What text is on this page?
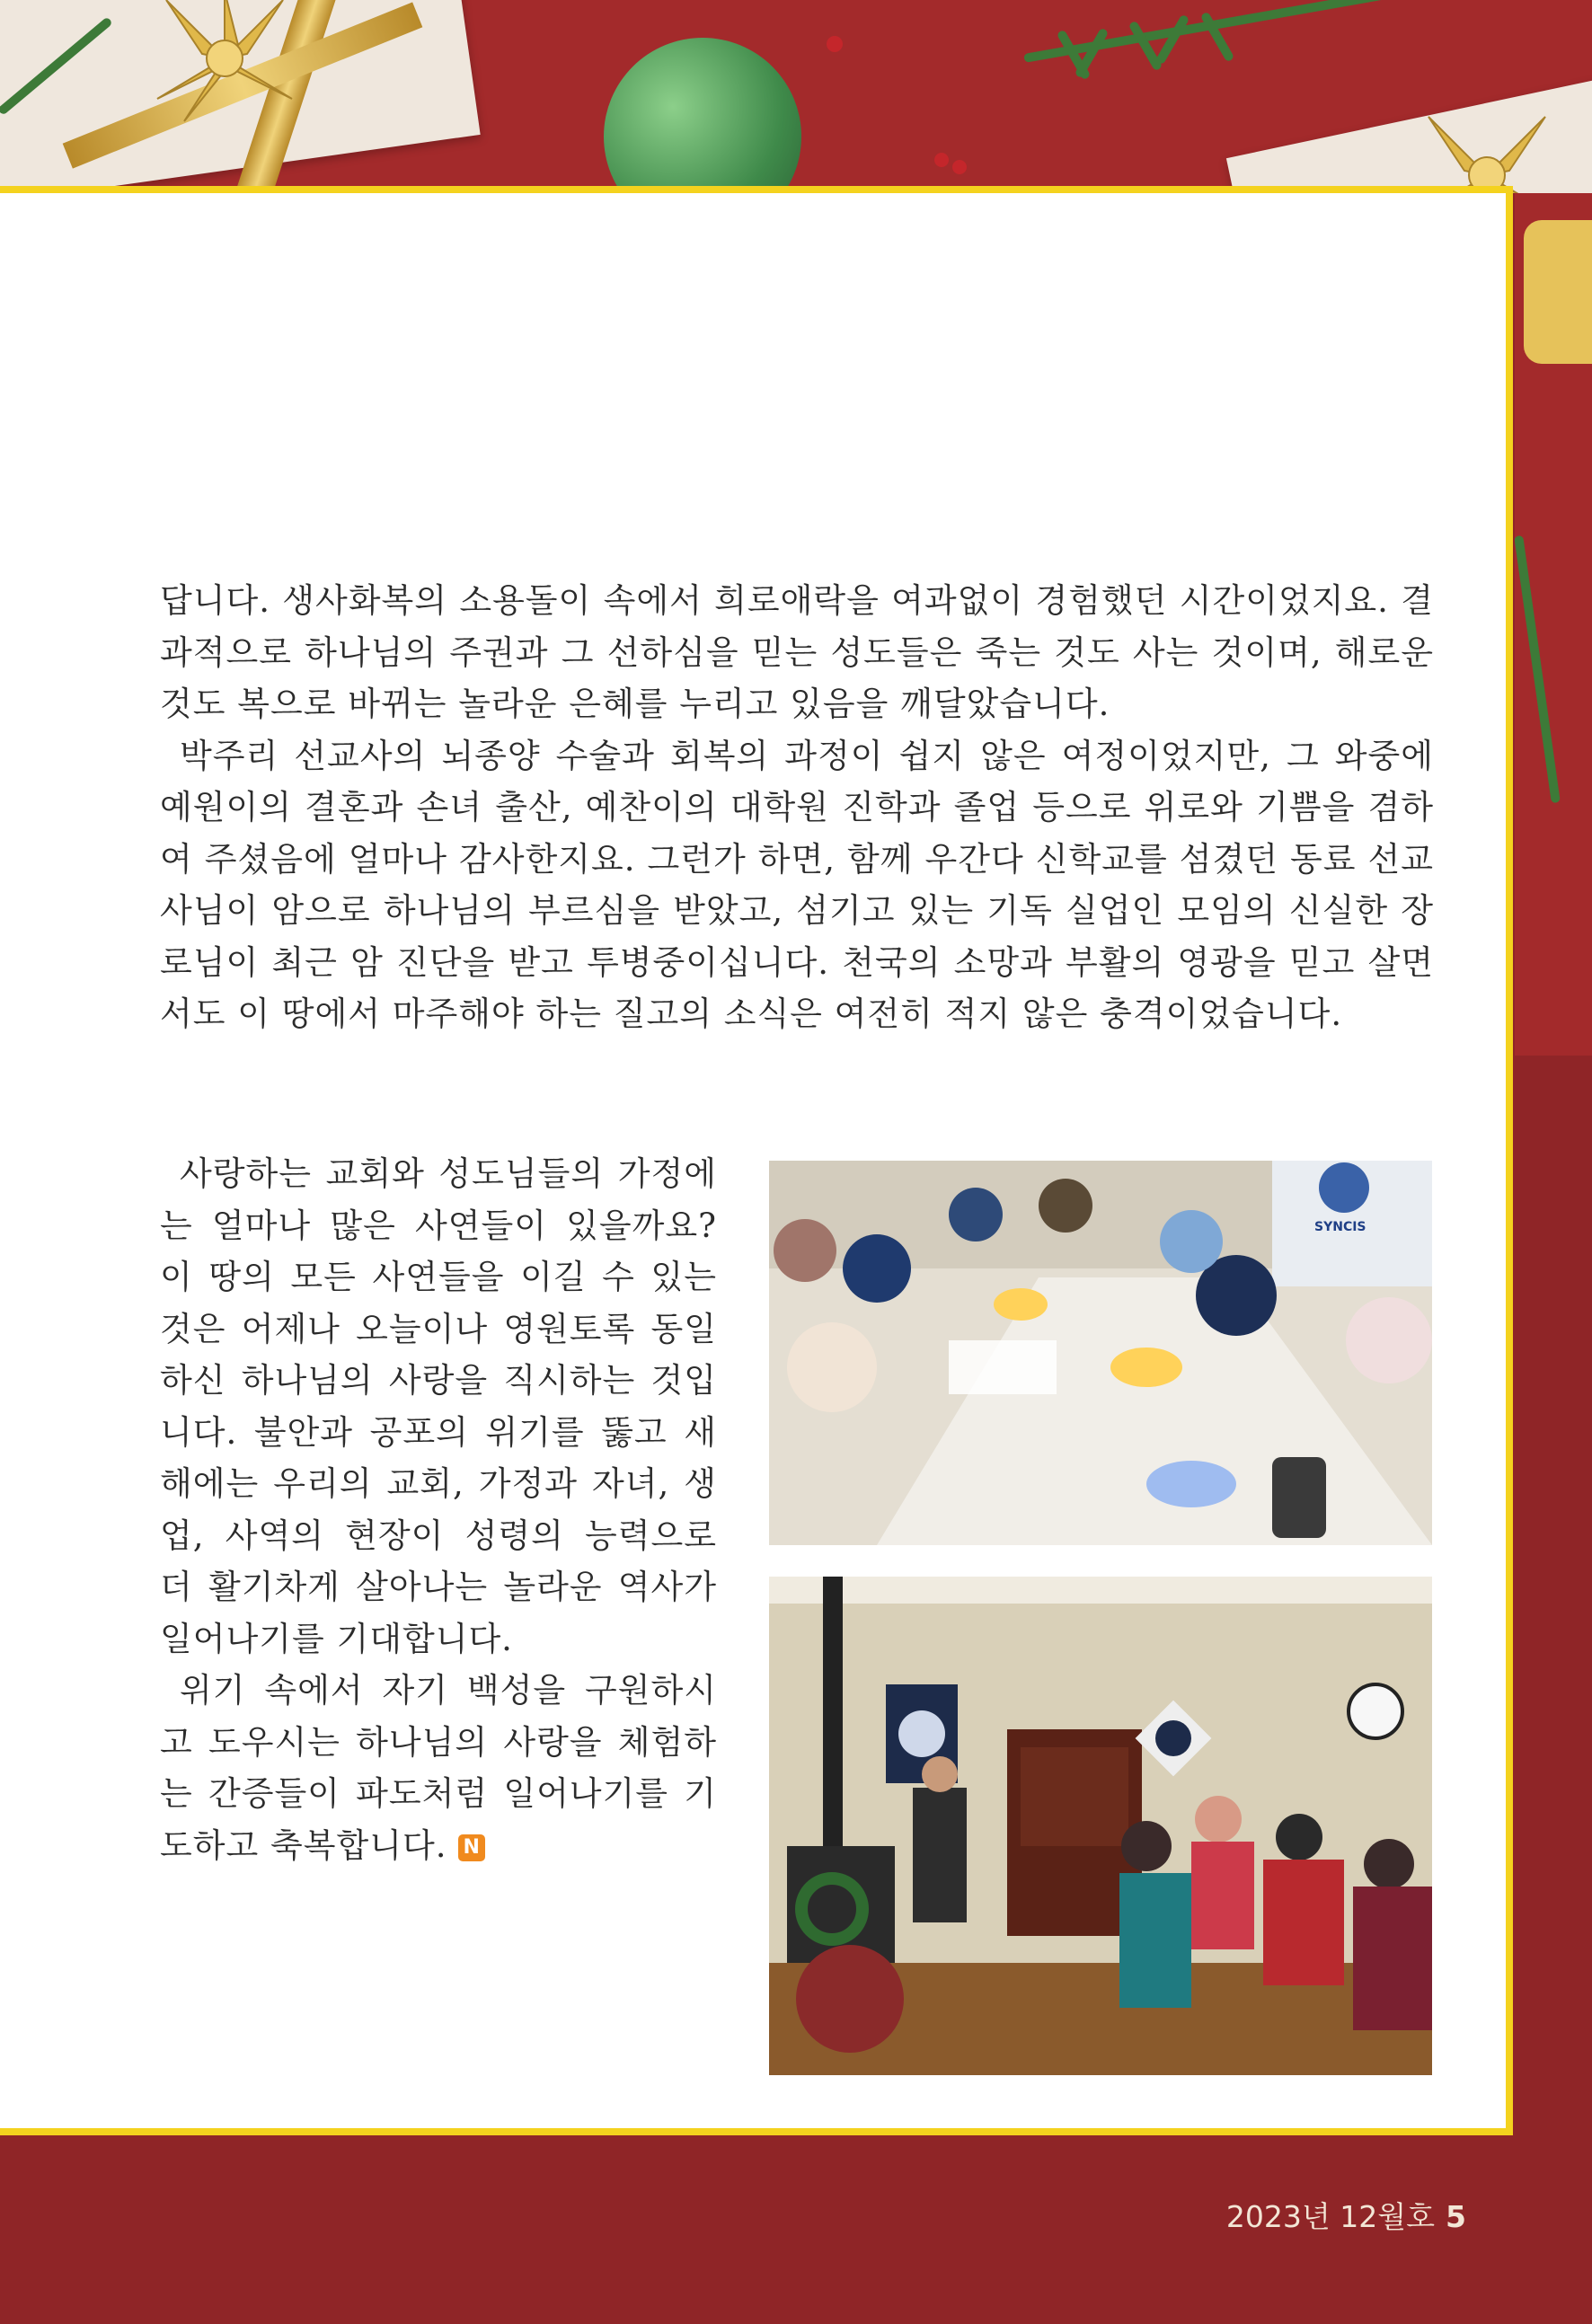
답니다. 생사화복의 소용돌이 속에서 희로애락을 여과없이 경험했던 시간이었지요. 결과적으로 하나님의 주권과 그 선하심을 믿는 성도들은 죽는 것도 사는 것이며, 해로운 것도 복으로 바뀌는 놀라운 은혜를 누리고 있음을 깨달았습니다.

박주리 선교사의 뇌종양 수술과 회복의 과정이 쉽지 않은 여정이었지만, 그 와중에 예원이의 결혼과 손녀 출산, 예찬이의 대학원 진학과 졸업 등으로 위로와 기쁨을 겸하여 주셨음에 얼마나 감사한지요. 그런가 하면, 함께 우간다 신학교를 섬겼던 동료 선교사님이 암으로 하나님의 부르심을 받았고, 섬기고 있는 기독 실업인 모임의 신실한 장로님이 최근 암 진단을 받고 투병중이십니다. 천국의 소망과 부활의 영광을 믿고 살면서도 이 땅에서 마주해야 하는 질고의 소식은 여전히 적지 않은 충격이었습니다.

사랑하는 교회와 성도님들의 가정에는 얼마나 많은 사연들이 있을까요? 이 땅의 모든 사연들을 이길 수 있는 것은 어제나 오늘이나 영원토록 동일하신 하나님의 사랑을 직시하는 것입니다. 불안과 공포의 위기를 뚫고 새해에는 우리의 교회, 가정과 자녀, 생업, 사역의 현장이 성령의 능력으로 더 활기차게 살아나는 놀라운 역사가 일어나기를 기대합니다.

위기 속에서 자기 백성을 구원하시고 도우시는 하나님의 사랑을 체험하는 간증들이 파도처럼 일어나기를 기도하고 축복합니다. N

SYNCIS
2023년 12월호 5
